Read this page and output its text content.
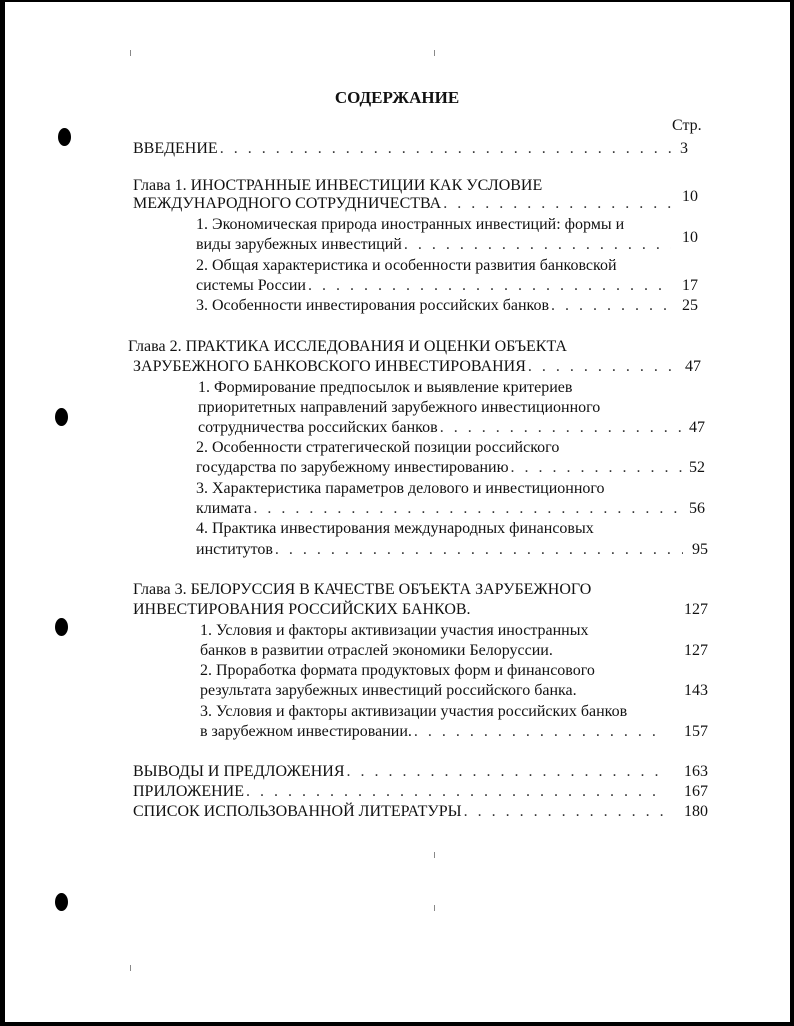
СОДЕРЖАНИЕ
Стр.
ВВЕДЕНИЕ . . .	3
Глава 1. ИНОСТРАННЫЕ ИНВЕСТИЦИИ КАК УСЛОВИЕ
МЕЖДУНАРОДНОГО СОТРУДНИЧЕСТВА . . .	10
1. Экономическая природа иностранных инвестиций: формы и
виды зарубежных инвестиций . . .	10
2. Общая характеристика и особенности развития банковской
системы России . . .	17
3. Особенности инвестирования российских банков . . .	25
Глава 2. ПРАКТИКА ИССЛЕДОВАНИЯ И ОЦЕНКИ ОБЪЕКТА
ЗАРУБЕЖНОГО БАНКОВСКОГО ИНВЕСТИРОВАНИЯ . . .	47
1. Формирование предпосылок и выявление критериев
приоритетных направлений зарубежного инвестиционного
сотрудничества российских банков . . .	47
2. Особенности стратегической позиции российского
государства по зарубежному инвестированию . . .	52
3. Характеристика параметров делового и инвестиционного
климата . . .	56
4. Практика инвестирования международных финансовых
институтов . . .	95
Глава 3. БЕЛОРУССИЯ В КАЧЕСТВЕ ОБЪЕКТА ЗАРУБЕЖНОГО
ИНВЕСТИРОВАНИЯ РОССИЙСКИХ БАНКОВ.	127
1. Условия и факторы активизации участия иностранных
банков в развитии отраслей экономики Белоруссии.	127
2. Проработка формата продуктовых форм и финансового
результата зарубежных инвестиций российского банка.	143
3. Условия и факторы активизации участия российских банков
в зарубежном инвестировании. . . .	157
ВЫВОДЫ И ПРЕДЛОЖЕНИЯ . . .	163
ПРИЛОЖЕНИЕ . . .	167
СПИСОК ИСПОЛЬЗОВАННОЙ ЛИТЕРАТУРЫ . . .	180
